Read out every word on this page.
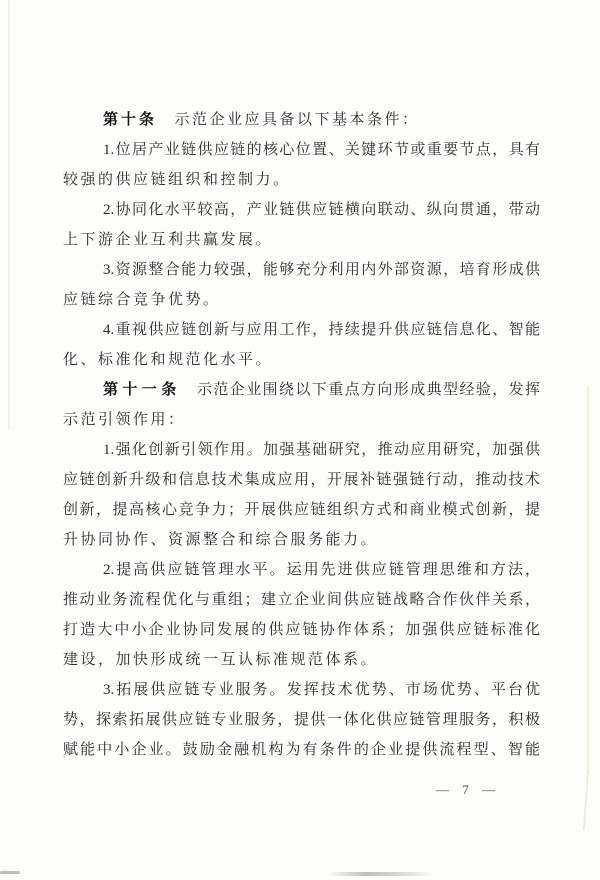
第十条　示范企业应具备以下基本条件：
1.位居产业链供应链的核心位置、关键环节或重要节点，具有
较强的供应链组织和控制力。
2.协同化水平较高，产业链供应链横向联动、纵向贯通，带动
上下游企业互利共赢发展。
3.资源整合能力较强，能够充分利用内外部资源，培育形成供
应链综合竞争优势。
4.重视供应链创新与应用工作，持续提升供应链信息化、智能
化、标准化和规范化水平。
第十一条　示范企业围绕以下重点方向形成典型经验，发挥
示范引领作用：
1.强化创新引领作用。加强基础研究，推动应用研究，加强供
应链创新升级和信息技术集成应用，开展补链强链行动，推动技术
创新，提高核心竞争力；开展供应链组织方式和商业模式创新，提
升协同协作、资源整合和综合服务能力。
2.提高供应链管理水平。运用先进供应链管理思维和方法，
推动业务流程优化与重组；建立企业间供应链战略合作伙伴关系，
打造大中小企业协同发展的供应链协作体系；加强供应链标准化
建设，加快形成统一互认标准规范体系。
3.拓展供应链专业服务。发挥技术优势、市场优势、平台优
势，探索拓展供应链专业服务，提供一体化供应链管理服务，积极
赋能中小企业。鼓励金融机构为有条件的企业提供流程型、智能
— 7 —
